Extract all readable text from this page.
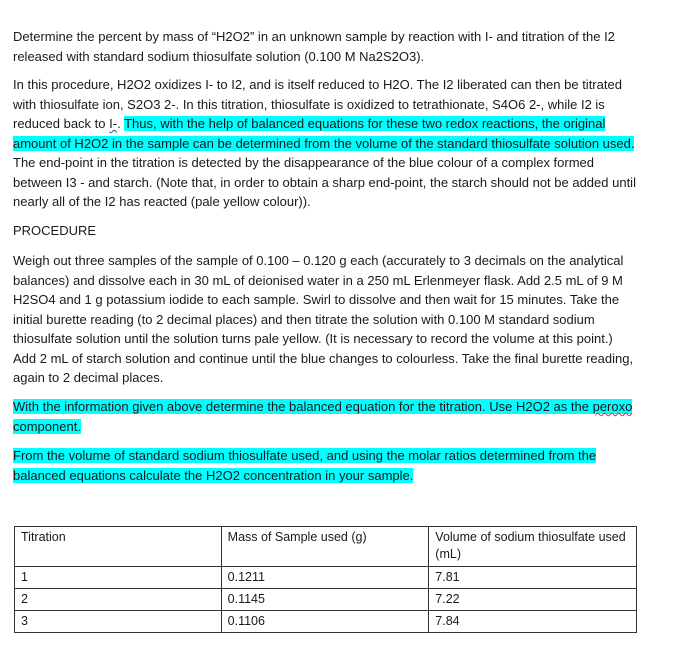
Determine the percent by mass of “H2O2” in an unknown sample by reaction with I- and titration of the I2 released with standard sodium thiosulfate solution (0.100 M Na2S2O3).

In this procedure, H2O2 oxidizes I- to I2, and is itself reduced to H2O. The I2 liberated can then be titrated with thiosulfate ion, S2O3 2-. In this titration, thiosulfate is oxidized to tetrathionate, S4O6 2-, while I2 is reduced back to I-. Thus, with the help of balanced equations for these two redox reactions, the original amount of H2O2 in the sample can be determined from the volume of the standard thiosulfate solution used. The end-point in the titration is detected by the disappearance of the blue colour of a complex formed between I3 - and starch. (Note that, in order to obtain a sharp end-point, the starch should not be added until nearly all of the I2 has reacted (pale yellow colour)).

PROCEDURE

Weigh out three samples of the sample of 0.100 – 0.120 g each (accurately to 3 decimals on the analytical balances) and dissolve each in 30 mL of deionised water in a 250 mL Erlenmeyer flask. Add 2.5 mL of 9 M H2SO4 and 1 g potassium iodide to each sample. Swirl to dissolve and then wait for 15 minutes. Take the initial burette reading (to 2 decimal places) and then titrate the solution with 0.100 M standard sodium thiosulfate solution until the solution turns pale yellow. (It is necessary to record the volume at this point.) Add 2 mL of starch solution and continue until the blue changes to colourless. Take the final burette reading, again to 2 decimal places.

With the information given above determine the balanced equation for the titration. Use H2O2 as the peroxo component.

From the volume of standard sodium thiosulfate used, and using the molar ratios determined from the balanced equations calculate the H2O2 concentration in your sample.

Titration	Mass of Sample used (g)	Volume of sodium thiosulfate used (mL)
1	0.1211	7.81
2	0.1145	7.22
3	0.1106	7.84
